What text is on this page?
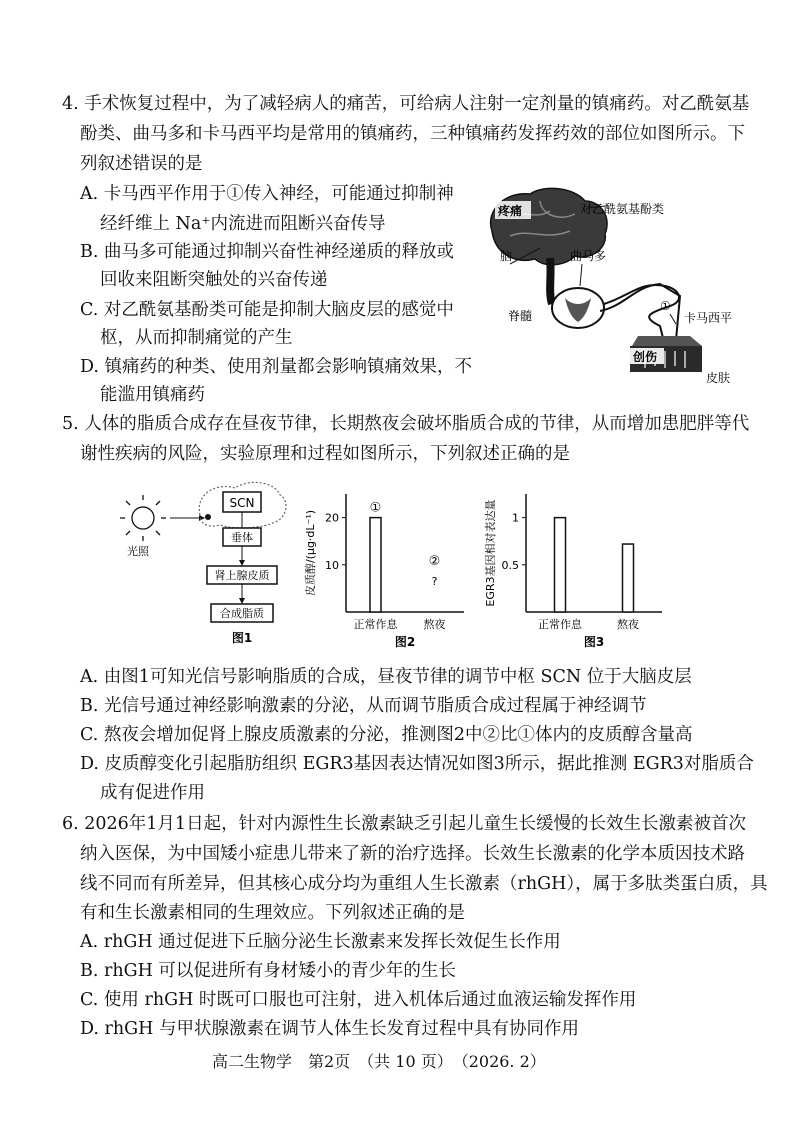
4. 手术恢复过程中，为了减轻病人的痛苦，可给病人注射一定剂量的镇痛药。对乙酰氨基
酚类、曲马多和卡马西平均是常用的镇痛药，三种镇痛药发挥药效的部位如图所示。下
列叙述错误的是
A. 卡马西平作用于①传入神经，可能通过抑制神
经纤维上 Na⁺内流进而阻断兴奋传导
B. 曲马多可能通过抑制兴奋性神经递质的释放或
回收来阻断突触处的兴奋传递
C. 对乙酰氨基酚类可能是抑制大脑皮层的感觉中
枢，从而抑制痛觉的产生
D. 镇痛药的种类、使用剂量都会影响镇痛效果，不
能滥用镇痛药
疼痛	对乙酰氨基酚类
脑	曲马多
脊髓
①
卡马西平
创伤
皮肤
5. 人体的脂质合成存在昼夜节律，长期熬夜会破坏脂质合成的节律，从而增加患肥胖等代
谢性疾病的风险，实验原理和过程如图所示，下列叙述正确的是
光照
SCN
垂体
肾上腺皮质
合成脂质
图1
10
20
皮质醇/(μg·dL⁻¹)
正常作息
①
熬夜
②
?
图2
0.5
1
EGR3基因相对表达量
正常作息	熬夜
图3
A. 由图1可知光信号影响脂质的合成，昼夜节律的调节中枢 SCN 位于大脑皮层
B. 光信号通过神经影响激素的分泌，从而调节脂质合成过程属于神经调节
C. 熬夜会增加促肾上腺皮质激素的分泌，推测图2中②比①体内的皮质醇含量高
D. 皮质醇变化引起脂肪组织 EGR3基因表达情况如图3所示，据此推测 EGR3对脂质合
成有促进作用
6. 2026年1月1日起，针对内源性生长激素缺乏引起儿童生长缓慢的长效生长激素被首次
纳入医保，为中国矮小症患儿带来了新的治疗选择。长效生长激素的化学本质因技术路
线不同而有所差异，但其核心成分均为重组人生长激素（rhGH），属于多肽类蛋白质，具
有和生长激素相同的生理效应。下列叙述正确的是
A. rhGH 通过促进下丘脑分泌生长激素来发挥长效促生长作用
B. rhGH 可以促进所有身材矮小的青少年的生长
C. 使用 rhGH 时既可口服也可注射，进入机体后通过血液运输发挥作用
D. rhGH 与甲状腺激素在调节人体生长发育过程中具有协同作用
高二生物学　第2页　（共 10 页）　（2026. 2）
